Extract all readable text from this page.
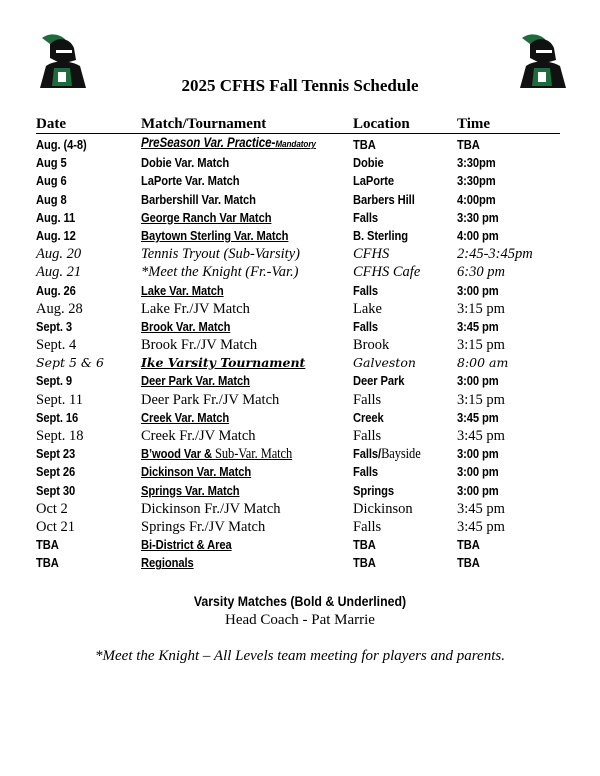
2025 CFHS Fall Tennis Schedule
Date	Match/Tournament	Location	Time
Aug. (4-8)	PreSeason Var. Practice-Mandatory	TBA	TBA
Aug 5	Dobie Var. Match	Dobie	3:30pm
Aug 6	LaPorte Var. Match	LaPorte	3:30pm
Aug 8	Barbershill Var. Match	Barbers Hill	4:00pm
Aug. 11	George Ranch Var Match	Falls	3:30 pm
Aug. 12	Baytown Sterling Var. Match	B. Sterling	4:00 pm
Aug. 20	Tennis Tryout (Sub-Varsity)	CFHS	2:45-3:45pm
Aug. 21	*Meet the Knight (Fr.-Var.)	CFHS Cafe	6:30 pm
Aug. 26	Lake Var. Match	Falls	3:00 pm
Aug. 28	Lake Fr./JV Match	Lake	3:15 pm
Sept. 3	Brook Var. Match	Falls	3:45 pm
Sept. 4	Brook Fr./JV Match	Brook	3:15 pm
Sept 5 & 6	Ike Varsity Tournament	Galveston	8:00 am
Sept. 9	Deer Park Var. Match	Deer Park	3:00 pm
Sept. 11	Deer Park Fr./JV Match	Falls	3:15 pm
Sept. 16	Creek Var. Match	Creek	3:45 pm
Sept. 18	Creek Fr./JV Match	Falls	3:45 pm
Sept 23	B’wood Var & Sub-Var. Match	Falls/Bayside	3:00 pm
Sept 26	Dickinson Var. Match	Falls	3:00 pm
Sept 30	Springs Var. Match	Springs	3:00 pm
Oct 2	Dickinson Fr./JV Match	Dickinson	3:45 pm
Oct 21	Springs Fr./JV Match	Falls	3:45 pm
TBA	Bi-District & Area	TBA	TBA
TBA	Regionals	TBA	TBA
Varsity Matches (Bold & Underlined)
Head Coach - Pat Marrie
*Meet the Knight – All Levels team meeting for players and parents.
